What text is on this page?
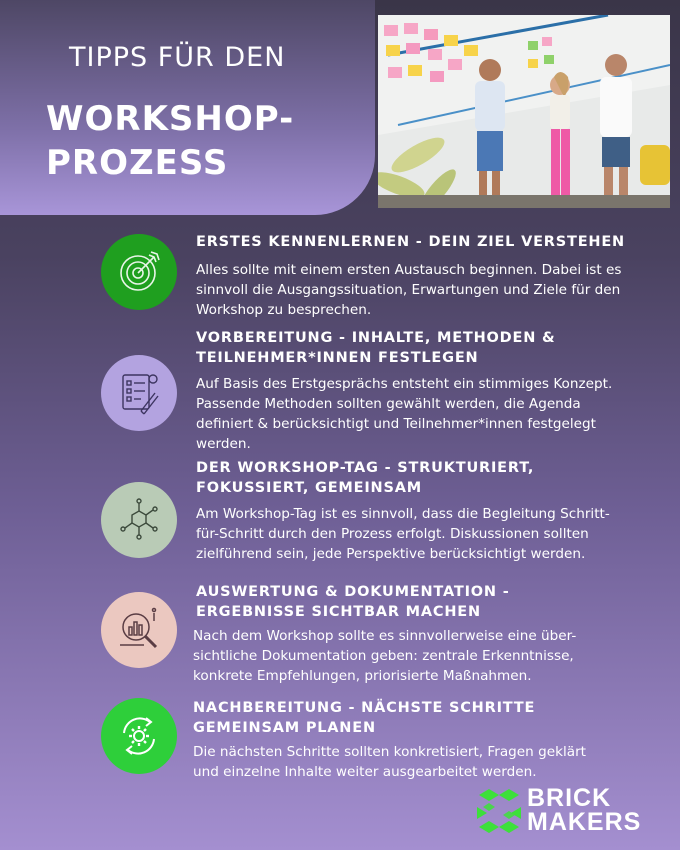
TIPPS FÜR DEN
WORKSHOP-
PROZESS
ERSTES KENNENLERNEN - DEIN ZIEL VERSTEHEN
Alles sollte mit einem ersten Austausch beginnen. Dabei ist es
sinnvoll die Ausgangssituation, Erwartungen und Ziele für den
Workshop zu besprechen.
VORBEREITUNG - INHALTE, METHODEN &
TEILNEHMER*INNEN FESTLEGEN
Auf Basis des Erstgesprächs entsteht ein stimmiges Konzept.
Passende Methoden sollten gewählt werden, die Agenda
definiert & berücksichtigt und Teilnehmer*innen festgelegt
werden.
DER WORKSHOP-TAG - STRUKTURIERT,
FOKUSSIERT, GEMEINSAM
Am Workshop-Tag ist es sinnvoll, dass die Begleitung Schritt-
für-Schritt durch den Prozess erfolgt. Diskussionen sollten
zielführend sein, jede Perspektive berücksichtigt werden.
AUSWERTUNG & DOKUMENTATION -
ERGEBNISSE SICHTBAR MACHEN
Nach dem Workshop sollte es sinnvollerweise eine über-
sichtliche Dokumentation geben: zentrale Erkenntnisse,
konkrete Empfehlungen, priorisierte Maßnahmen.
NACHBEREITUNG - NÄCHSTE SCHRITTE
GEMEINSAM PLANEN
Die nächsten Schritte sollten konkretisiert, Fragen geklärt
und einzelne Inhalte weiter ausgearbeitet werden.
BRICK
MAKERS
